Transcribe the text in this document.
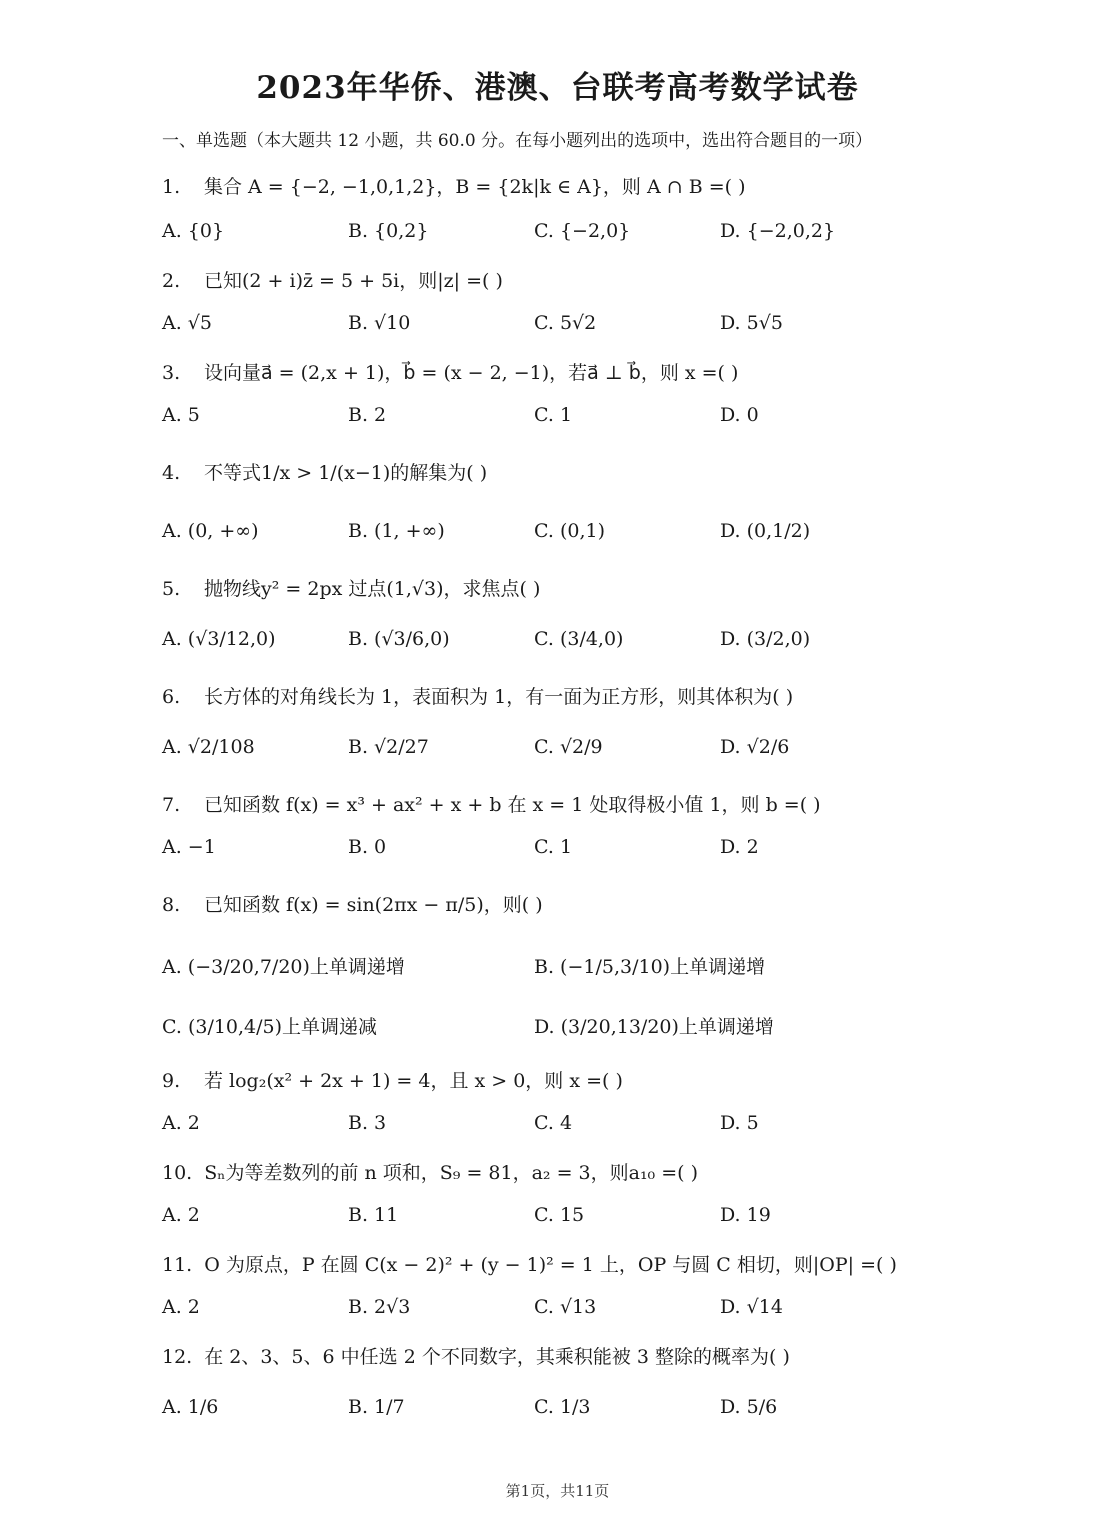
2023年华侨、港澳、台联考高考数学试卷
一、单选题（本大题共 12 小题，共 60.0 分。在每小题列出的选项中，选出符合题目的一项）
1. 集合 A = {−2, −1,0,1,2}，B = {2k|k ∈ A}，则 A ∩ B =( )
A. {0}	B. {0,2}	C. {−2,0}	D. {−2,0,2}
2. 已知(2 + i)z̄ = 5 + 5i，则|z| =( )
A. √5	B. √10	C. 5√2	D. 5√5
3. 设向量a⃗ = (2,x + 1)，b⃗ = (x − 2, −1)，若a⃗ ⊥ b⃗，则 x =( )
A. 5	B. 2	C. 1	D. 0
4. 不等式1/x > 1/(x−1)的解集为( )
A. (0, +∞)	B. (1, +∞)	C. (0,1)	D. (0,1/2)
5. 抛物线y² = 2px 过点(1,√3)，求焦点( )
A. (√3/12,0)	B. (√3/6,0)	C. (3/4,0)	D. (3/2,0)
6. 长方体的对角线长为 1，表面积为 1，有一面为正方形，则其体积为( )
A. √2/108	B. √2/27	C. √2/9	D. √2/6
7. 已知函数 f(x) = x³ + ax² + x + b 在 x = 1 处取得极小值 1，则 b =( )
A. −1	B. 0	C. 1	D. 2
8. 已知函数 f(x) = sin(2πx − π/5)，则( )
A. (−3/20,7/20)上单调递增	B. (−1/5,3/10)上单调递增
C. (3/10,4/5)上单调递减	D. (3/20,13/20)上单调递增
9. 若 log₂(x² + 2x + 1) = 4，且 x > 0，则 x =( )
A. 2	B. 3	C. 4	D. 5
10. Sₙ为等差数列的前 n 项和，S₉ = 81，a₂ = 3，则a₁₀ =( )
A. 2	B. 11	C. 15	D. 19
11. O 为原点，P 在圆 C(x − 2)² + (y − 1)² = 1 上，OP 与圆 C 相切，则|OP| =( )
A. 2	B. 2√3	C. √13	D. √14
12. 在 2、3、5、6 中任选 2 个不同数字，其乘积能被 3 整除的概率为( )
A. 1/6	B. 1/7	C. 1/3	D. 5/6
第1页，共11页
